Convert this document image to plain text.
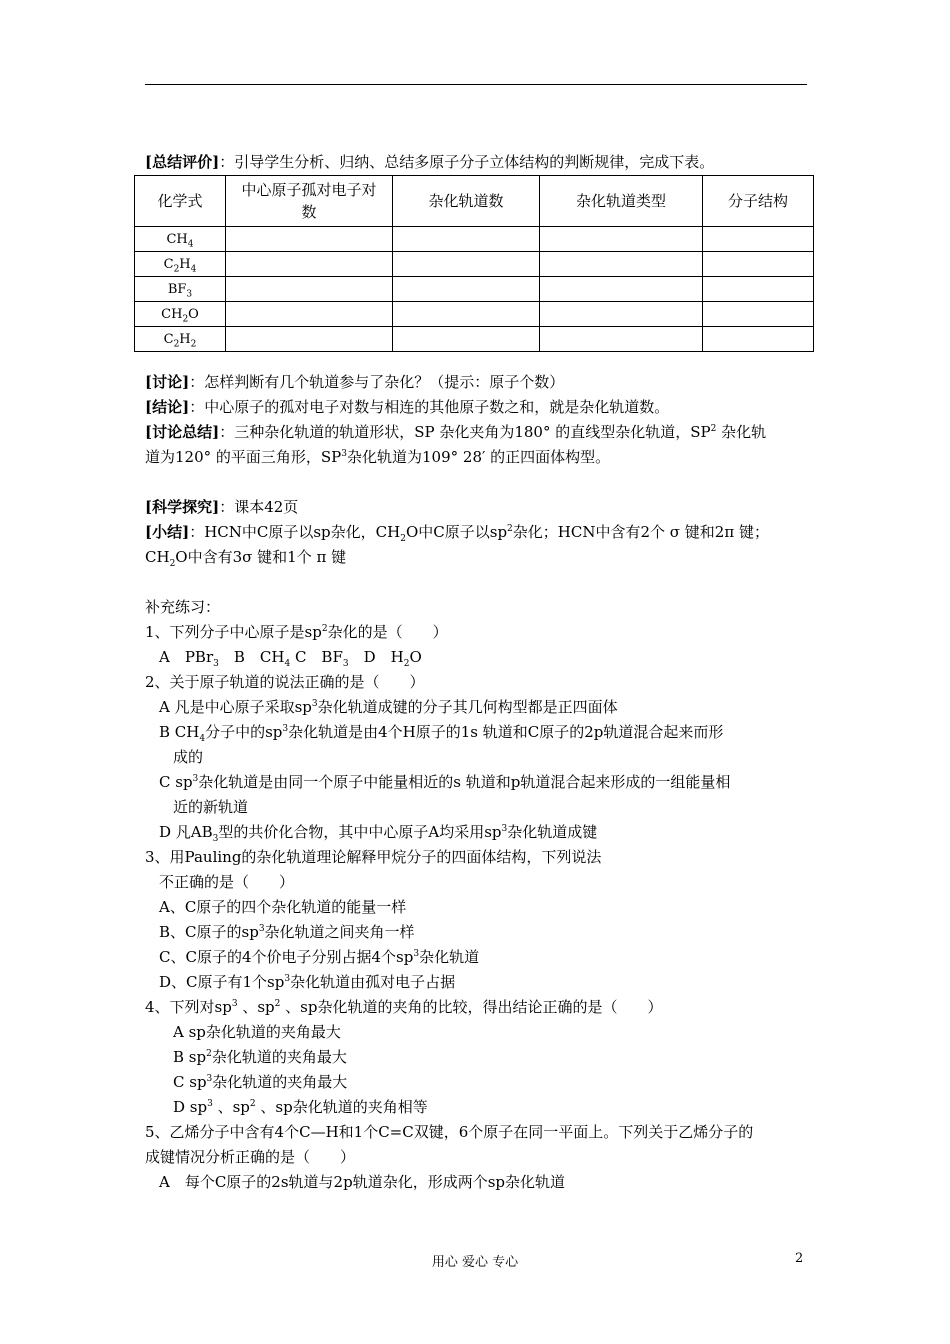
[总结评价]：引导学生分析、归纳、总结多原子分子立体结构的判断规律，完成下表。
化学式	中心原子孤对电子对数	杂化轨道数	杂化轨道类型	分子结构
$CH_4$				
$C_2H_4$				
$BF_3$				
$CH_2O$				
$C_2H_2$				
[讨论]：怎样判断有几个轨道参与了杂化？（提示：原子个数）
[结论]：中心原子的孤对电子对数与相连的其他原子数之和，就是杂化轨道数。
[讨论总结]：三种杂化轨道的轨道形状，SP 杂化夹角为180° 的直线型杂化轨道，$SP^2$ 杂化轨
道为120° 的平面三角形，$SP^3$杂化轨道为109° 28′ 的正四面体构型。
[科学探究]：课本42页
[小结]：HCN中C原子以sp杂化，$CH_2O$中C原子以$sp^2$杂化；HCN中含有2个 σ 键和2π 键；
$CH_2O$中含有3σ 键和1个 π 键
补充练习：
1、下列分子中心原子是$sp^2$杂化的是（　　）
A　PBr$_3$　B　$CH_4$ C　$BF_3$　D　$H_2O$
2、关于原子轨道的说法正确的是（　　）
A 凡是中心原子采取$sp^3$杂化轨道成键的分子其几何构型都是正四面体
B $CH_4$分子中的$sp^3$杂化轨道是由4个H原子的1s 轨道和C原子的2p轨道混合起来而形
成的
C $sp^3$杂化轨道是由同一个原子中能量相近的s 轨道和p轨道混合起来形成的一组能量相
近的新轨道
D 凡$AB_3$型的共价化合物，其中中心原子A均采用$sp^3$杂化轨道成键
3、用Pauling的杂化轨道理论解释甲烷分子的四面体结构，下列说法
不正确的是（　　）
A、C原子的四个杂化轨道的能量一样
B、C原子的$sp^3$杂化轨道之间夹角一样
C、C原子的4个价电子分别占据4个$sp^3$杂化轨道
D、C原子有1个$sp^3$杂化轨道由孤对电子占据
4、下列对$sp^3$ 、$sp^2$ 、sp杂化轨道的夹角的比较，得出结论正确的是（　　）
A sp杂化轨道的夹角最大
B $sp^2$杂化轨道的夹角最大
C $sp^3$杂化轨道的夹角最大
D $sp^3$ 、$sp^2$ 、sp杂化轨道的夹角相等
5、乙烯分子中含有4个C—H和1个C=C双键，6个原子在同一平面上。下列关于乙烯分子的
成键情况分析正确的是（　　）
A　每个C原子的2s轨道与2p轨道杂化，形成两个sp杂化轨道
用心 爱心 专心	2
